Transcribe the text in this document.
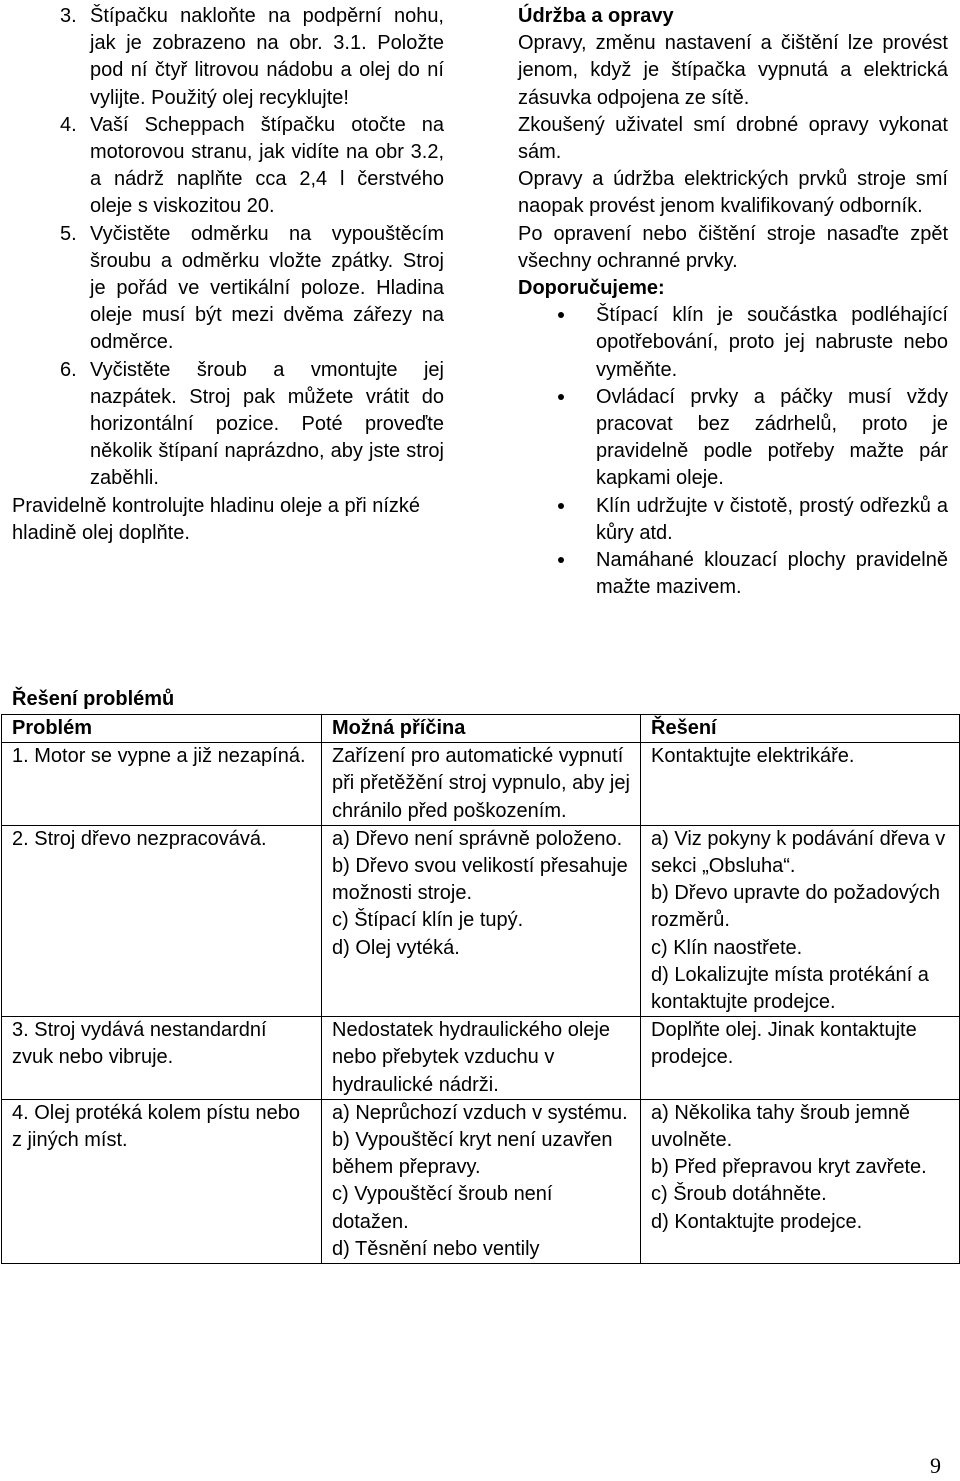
3. Štípačku nakloňte na podpěrní nohu, jak je zobrazeno na obr. 3.1. Položte pod ní čtyř litrovou nádobu a olej do ní vylijte. Použitý olej recyklujte!
4. Vaší Scheppach štípačku otočte na motorovou stranu, jak vidíte na obr 3.2, a nádrž naplňte cca 2,4 l čerstvého oleje s viskozitou 20.
5. Vyčistěte odměrku na vypouštěcím šroubu a odměrku vložte zpátky. Stroj je pořád ve vertikální poloze. Hladina oleje musí být mezi dvěma zářezy na odměrce.
6. Vyčistěte šroub a vmontujte jej nazpátek. Stroj pak můžete vrátit do horizontální pozice. Poté proveďte několik štípaní naprázdno, aby jste stroj zaběhli.

Pravidelně kontrolujte hladinu oleje a při nízké hladině olej doplňte.

Údržba a opravy

Opravy, změnu nastavení a čištění lze provést jenom, když je štípačka vypnutá a elektrická zásuvka odpojena ze sítě.

Zkoušený uživatel smí drobné opravy vykonat sám.

Opravy a údržba elektrických prvků stroje smí naopak provést jenom kvalifikovaný odborník.

Po opravení nebo čištění stroje nasaďte zpět všechny ochranné prvky.

Doporučujeme:

Štípací klín je součástka podléhající opotřebování, proto jej nabruste nebo vyměňte.
Ovládací prvky a páčky musí vždy pracovat bez zádrhelů, proto je pravidelně podle potřeby mažte pár kapkami oleje.
Klín udržujte v čistotě, prostý odřezků a kůry atd.
Namáhané klouzací plochy pravidelně mažte mazivem.
Řešení problémů
Problém	Možná příčina	Řešení
1. Motor se vypne a již nezapíná.	Zařízení pro automatické vypnutí při přetěžění stroj vypnulo, aby jej chránilo před poškozením.	Kontaktujte elektrikáře.

2. Stroj dřevo nezpracovává.	a) Dřevo není správně položeno.
b) Dřevo svou velikostí přesahuje možnosti stroje.
c) Štípací klín je tupý.
d) Olej vytéká.	a) Viz pokyny k podávání dřeva v sekci „Obsluha“.
b) Dřevo upravte do požadových rozměrů.
c) Klín naostřete.
d) Lokalizujte místa protékání a kontaktujte prodejce.

3. Stroj vydává nestandardní zvuk nebo vibruje.	Nedostatek hydraulického oleje nebo přebytek vzduchu v hydraulické nádrži.	Doplňte olej. Jinak kontaktujte prodejce.

4. Olej protéká kolem pístu nebo z jiných míst.	a) Neprůchozí vzduch v systému.
b) Vypouštěcí kryt není uzavřen během přepravy.
c) Vypouštěcí šroub není dotažen.
d) Těsnění nebo ventily	a) Několika tahy šroub jemně uvolněte.
b) Před přepravou kryt zavřete.
c) Šroub dotáhněte.
d) Kontaktujte prodejce.
9
